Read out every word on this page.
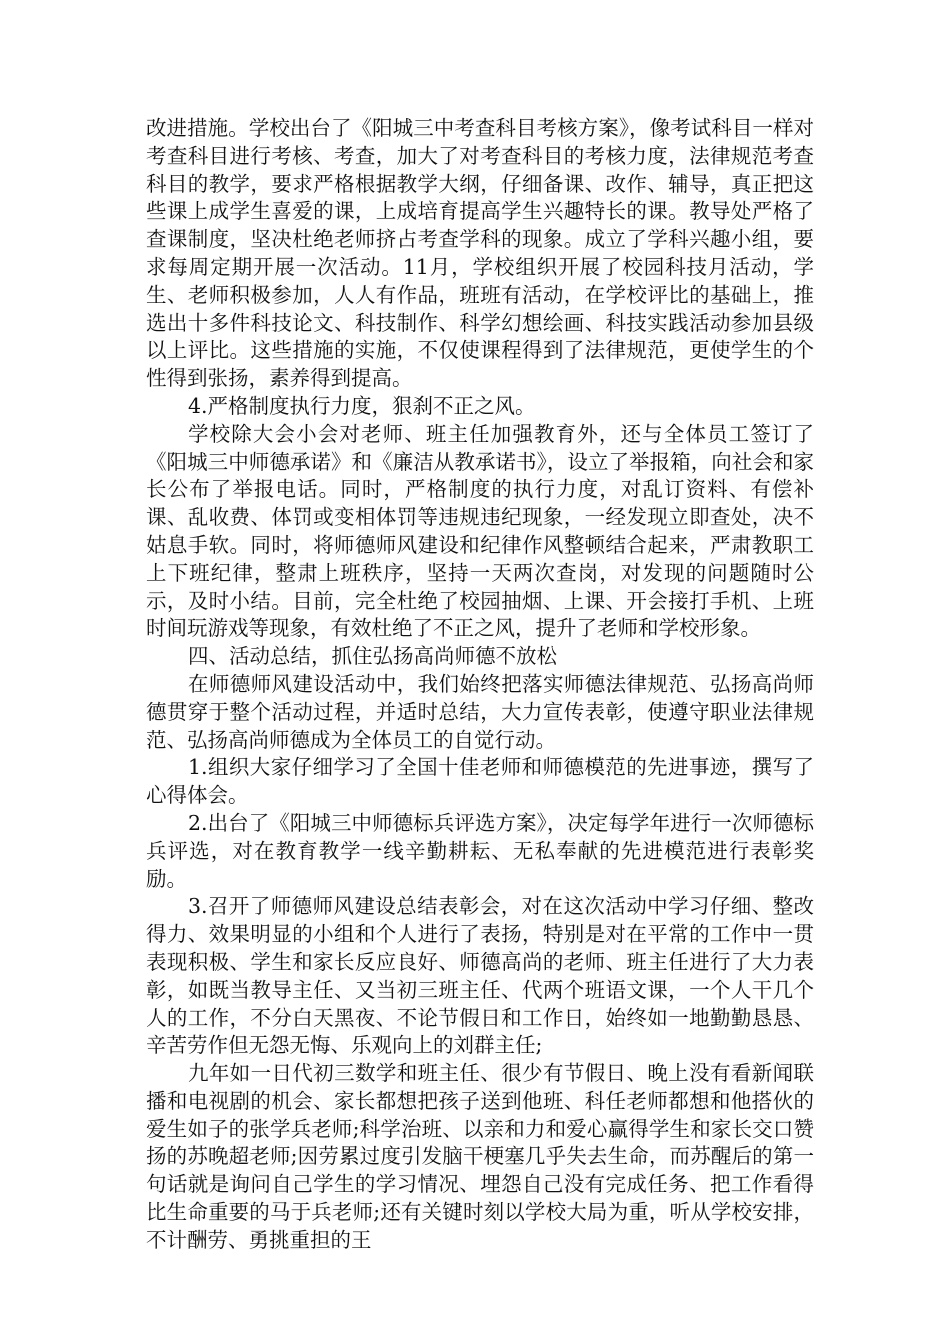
改进措施。学校出台了《阳城三中考查科目考核方案》，像考试科目一样对考查科目进行考核、考查，加大了对考查科目的考核力度，法律规范考查科目的教学，要求严格根据教学大纲，仔细备课、改作、辅导，真正把这些课上成学生喜爱的课，上成培育提高学生兴趣特长的课。教导处严格了查课制度，坚决杜绝老师挤占考查学科的现象。成立了学科兴趣小组，要求每周定期开展一次活动。11月，学校组织开展了校园科技月活动，学生、老师积极参加，人人有作品，班班有活动，在学校评比的基础上，推选出十多件科技论文、科技制作、科学幻想绘画、科技实践活动参加县级以上评比。这些措施的实施，不仅使课程得到了法律规范，更使学生的个性得到张扬，素养得到提高。

4.严格制度执行力度，狠刹不正之风。

学校除大会小会对老师、班主任加强教育外，还与全体员工签订了《阳城三中师德承诺》和《廉洁从教承诺书》，设立了举报箱，向社会和家长公布了举报电话。同时，严格制度的执行力度，对乱订资料、有偿补课、乱收费、体罚或变相体罚等违规违纪现象，一经发现立即查处，决不姑息手软。同时，将师德师风建设和纪律作风整顿结合起来，严肃教职工上下班纪律，整肃上班秩序，坚持一天两次查岗，对发现的问题随时公示，及时小结。目前，完全杜绝了校园抽烟、上课、开会接打手机、上班时间玩游戏等现象，有效杜绝了不正之风，提升了老师和学校形象。

四、活动总结，抓住弘扬高尚师德不放松

在师德师风建设活动中，我们始终把落实师德法律规范、弘扬高尚师德贯穿于整个活动过程，并适时总结，大力宣传表彰，使遵守职业法律规范、弘扬高尚师德成为全体员工的自觉行动。

1.组织大家仔细学习了全国十佳老师和师德模范的先进事迹，撰写了心得体会。

2.出台了《阳城三中师德标兵评选方案》，决定每学年进行一次师德标兵评选，对在教育教学一线辛勤耕耘、无私奉献的先进模范进行表彰奖励。

3.召开了师德师风建设总结表彰会，对在这次活动中学习仔细、整改得力、效果明显的小组和个人进行了表扬，特别是对在平常的工作中一贯表现积极、学生和家长反应良好、师德高尚的老师、班主任进行了大力表彰，如既当教导主任、又当初三班主任、代两个班语文课，一个人干几个人的工作，不分白天黑夜、不论节假日和工作日，始终如一地勤勤恳恳、辛苦劳作但无怨无悔、乐观向上的刘群主任;

九年如一日代初三数学和班主任、很少有节假日、晚上没有看新闻联播和电视剧的机会、家长都想把孩子送到他班、科任老师都想和他搭伙的爱生如子的张学兵老师;科学治班、以亲和力和爱心赢得学生和家长交口赞扬的苏晚超老师;因劳累过度引发脑干梗塞几乎失去生命，而苏醒后的第一句话就是询问自己学生的学习情况、埋怨自己没有完成任务、把工作看得比生命重要的马于兵老师;还有关键时刻以学校大局为重，听从学校安排，不计酬劳、勇挑重担的王
